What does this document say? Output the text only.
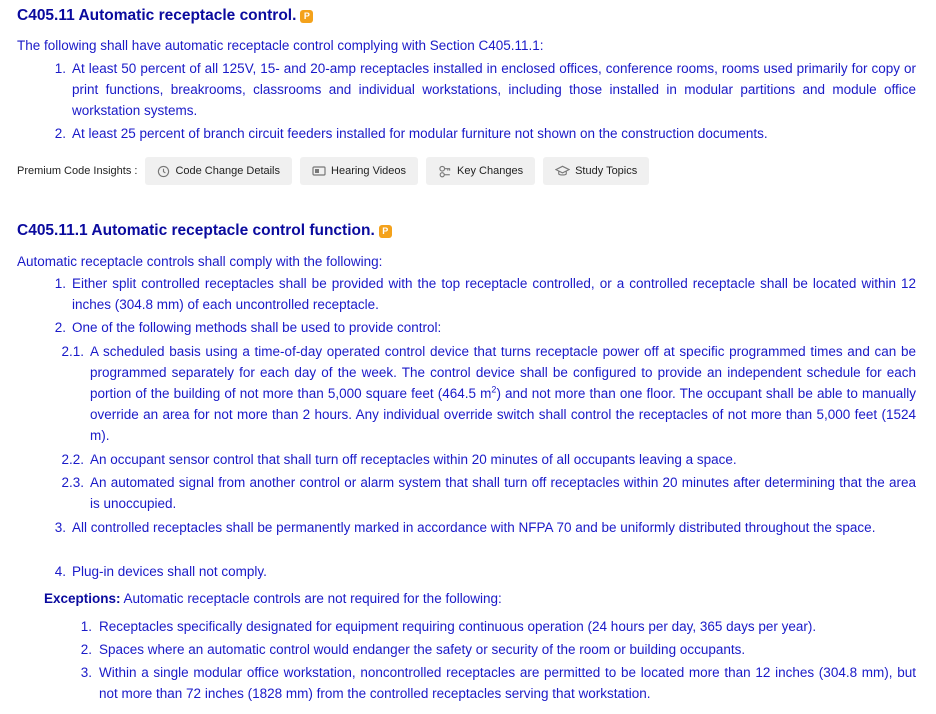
C405.11 Automatic receptacle control. P
The following shall have automatic receptacle control complying with Section C405.11.1:
1. At least 50 percent of all 125V, 15- and 20-amp receptacles installed in enclosed offices, conference rooms, rooms used primarily for copy or print functions, breakrooms, classrooms and individual workstations, including those installed in modular partitions and module office workstation systems.
2. At least 25 percent of branch circuit feeders installed for modular furniture not shown on the construction documents.
Premium Code Insights :	Code Change Details	Hearing Videos	Key Changes	Study Topics
C405.11.1 Automatic receptacle control function. P
Automatic receptacle controls shall comply with the following:
1. Either split controlled receptacles shall be provided with the top receptacle controlled, or a controlled receptacle shall be located within 12 inches (304.8 mm) of each uncontrolled receptacle.
2. One of the following methods shall be used to provide control:
2.1. A scheduled basis using a time-of-day operated control device that turns receptacle power off at specific programmed times and can be programmed separately for each day of the week. The control device shall be configured to provide an independent schedule for each portion of the building of not more than 5,000 square feet (464.5 $m^2$) and not more than one floor. The occupant shall be able to manually override an area for not more than 2 hours. Any individual override switch shall control the receptacles of not more than 5,000 feet (1524 m).
2.2. An occupant sensor control that shall turn off receptacles within 20 minutes of all occupants leaving a space.
2.3. An automated signal from another control or alarm system that shall turn off receptacles within 20 minutes after determining that the area is unoccupied.
3. All controlled receptacles shall be permanently marked in accordance with NFPA 70 and be uniformly distributed throughout the space.
4. Plug-in devices shall not comply.
Exceptions: Automatic receptacle controls are not required for the following:
1. Receptacles specifically designated for equipment requiring continuous operation (24 hours per day, 365 days per year).
2. Spaces where an automatic control would endanger the safety or security of the room or building occupants.
3. Within a single modular office workstation, noncontrolled receptacles are permitted to be located more than 12 inches (304.8 mm), but not more than 72 inches (1828 mm) from the controlled receptacles serving that workstation.
